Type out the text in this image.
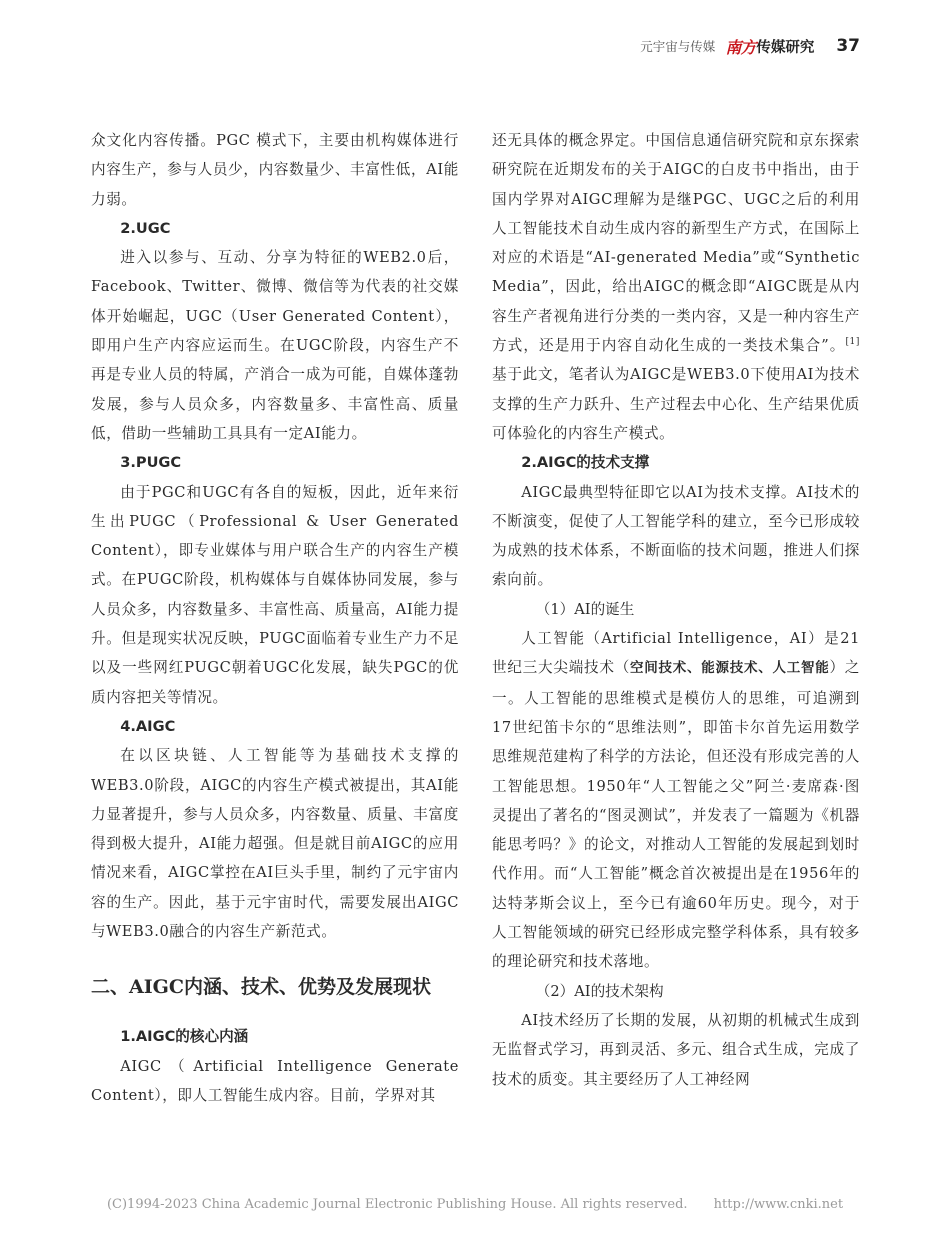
元宇宙与传媒 南方 传媒研究 37

众文化内容传播。PGC 模式下，主要由机构媒体进行内容生产，参与人员少，内容数量少、丰富性低，AI能力弱。

2.UGC

进入以参与、互动、分享为特征的WEB2.0后，Facebook、Twitter、微博、微信等为代表的社交媒体开始崛起，UGC（User Generated Content），即用户生产内容应运而生。在UGC阶段，内容生产不再是专业人员的特属，产消合一成为可能，自媒体蓬勃发展，参与人员众多，内容数量多、丰富性高、质量低，借助一些辅助工具具有一定AI能力。

3.PUGC

由于PGC和UGC有各自的短板，因此，近年来衍生出PUGC（Professional & User Generated Content），即专业媒体与用户联合生产的内容生产模式。在PUGC阶段，机构媒体与自媒体协同发展，参与人员众多，内容数量多、丰富性高、质量高，AI能力提升。但是现实状况反映，PUGC面临着专业生产力不足以及一些网红PUGC朝着UGC化发展，缺失PGC的优质内容把关等情况。

4.AIGC

在以区块链、人工智能等为基础技术支撑的WEB3.0阶段，AIGC的内容生产模式被提出，其AI能力显著提升，参与人员众多，内容数量、质量、丰富度得到极大提升，AI能力超强。但是就目前AIGC的应用情况来看，AIGC掌控在AI巨头手里，制约了元宇宙内容的生产。因此，基于元宇宙时代，需要发展出AIGC与WEB3.0融合的内容生产新范式。

二、AIGC内涵、技术、优势及发展现状

1.AIGC的核心内涵

AIGC（Artificial Intelligence Generate Content），即人工智能生成内容。目前，学界对其

还无具体的概念界定。中国信息通信研究院和京东探索研究院在近期发布的关于AIGC的白皮书中指出，由于国内学界对AIGC理解为是继PGC、UGC之后的利用人工智能技术自动生成内容的新型生产方式，在国际上对应的术语是“AI-generated Media”或“Synthetic Media”，因此，给出AIGC的概念即“AIGC既是从内容生产者视角进行分类的一类内容，又是一种内容生产方式，还是用于内容自动化生成的一类技术集合”。[1]基于此文，笔者认为AIGC是WEB3.0下使用AI为技术支撑的生产力跃升、生产过程去中心化、生产结果优质可体验化的内容生产模式。

2.AIGC的技术支撑

AIGC最典型特征即它以AI为技术支撑。AI技术的不断演变，促使了人工智能学科的建立，至今已形成较为成熟的技术体系，不断面临的技术问题，推进人们探索向前。

（1）AI的诞生

人工智能（Artificial Intelligence，AI）是21世纪三大尖端技术（空间技术、能源技术、人工智能）之一。人工智能的思维模式是模仿人的思维，可追溯到17世纪笛卡尔的“思维法则”，即笛卡尔首先运用数学思维规范建构了科学的方法论，但还没有形成完善的人工智能思想。1950年“人工智能之父”阿兰·麦席森·图灵提出了著名的“图灵测试”，并发表了一篇题为《机器能思考吗？》的论文，对推动人工智能的发展起到划时代作用。而“人工智能”概念首次被提出是在1956年的达特茅斯会议上，至今已有逾60年历史。现今，对于人工智能领域的研究已经形成完整学科体系，具有较多的理论研究和技术落地。

（2）AI的技术架构

AI技术经历了长期的发展，从初期的机械式生成到无监督式学习，再到灵活、多元、组合式生成，完成了技术的质变。其主要经历了人工神经网

(C)1994-2023 China Academic Journal Electronic Publishing House. All rights reserved. http://www.cnki.net
